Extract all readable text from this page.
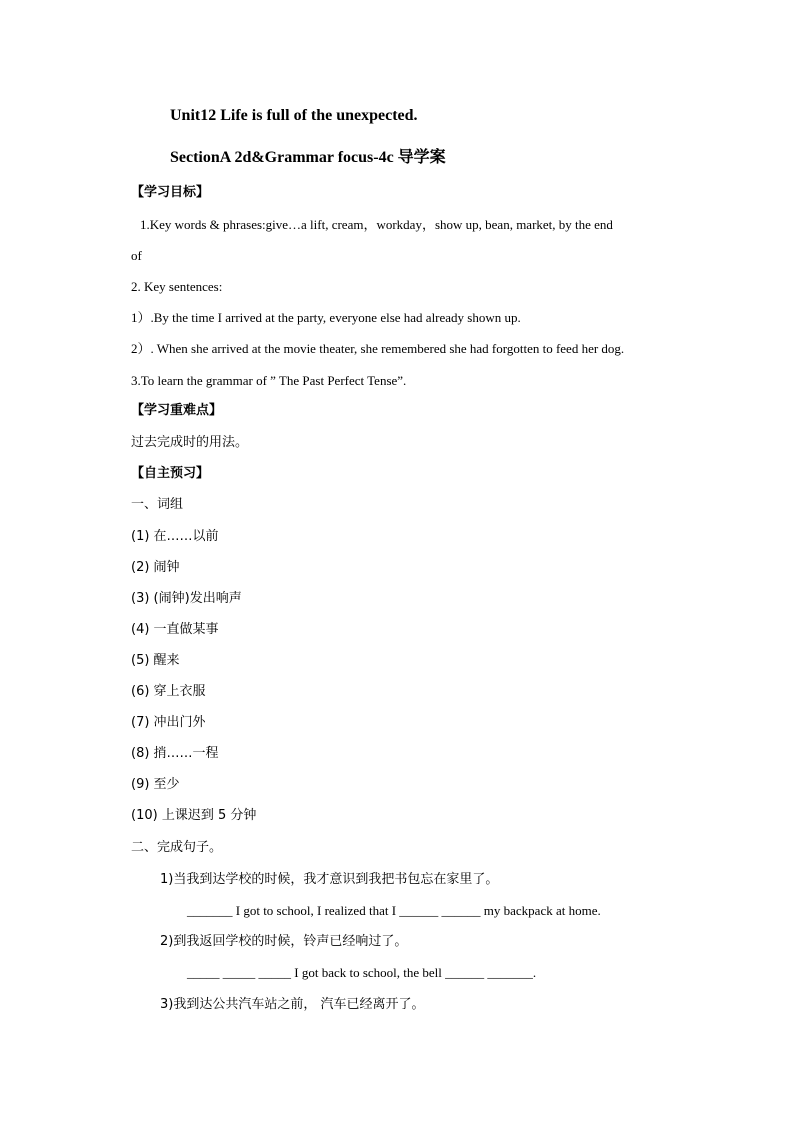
Unit12 Life is full of the unexpected.
SectionA 2d&Grammar focus-4c 导学案
【学习目标】
1.Key words & phrases:give…a lift, cream，workday，show up, bean, market, by the end
of
2. Key sentences:
1）.By the time I arrived at the party, everyone else had already shown up.
2）. When she arrived at the movie theater, she remembered she had forgotten to feed her dog.
3.To learn the grammar of ” The Past Perfect Tense”.
【学习重难点】
过去完成时的用法。
【自主预习】
一、词组
(1) 在……以前
(2) 闹钟
(3) (闹钟)发出响声
(4) 一直做某事
(5) 醒来
(6) 穿上衣服
(7) 冲出门外
(8) 捎……一程
(9) 至少
(10) 上课迟到 5 分钟
二、完成句子。
1)当我到达学校的时候，我才意识到我把书包忘在家里了。
_______ I got to school, I realized that I ______ ______ my backpack at home.
2)到我返回学校的时候，铃声已经响过了。
_____ _____ _____ I got back to school, the bell ______ _______.
3)我到达公共汽车站之前， 汽车已经离开了。
